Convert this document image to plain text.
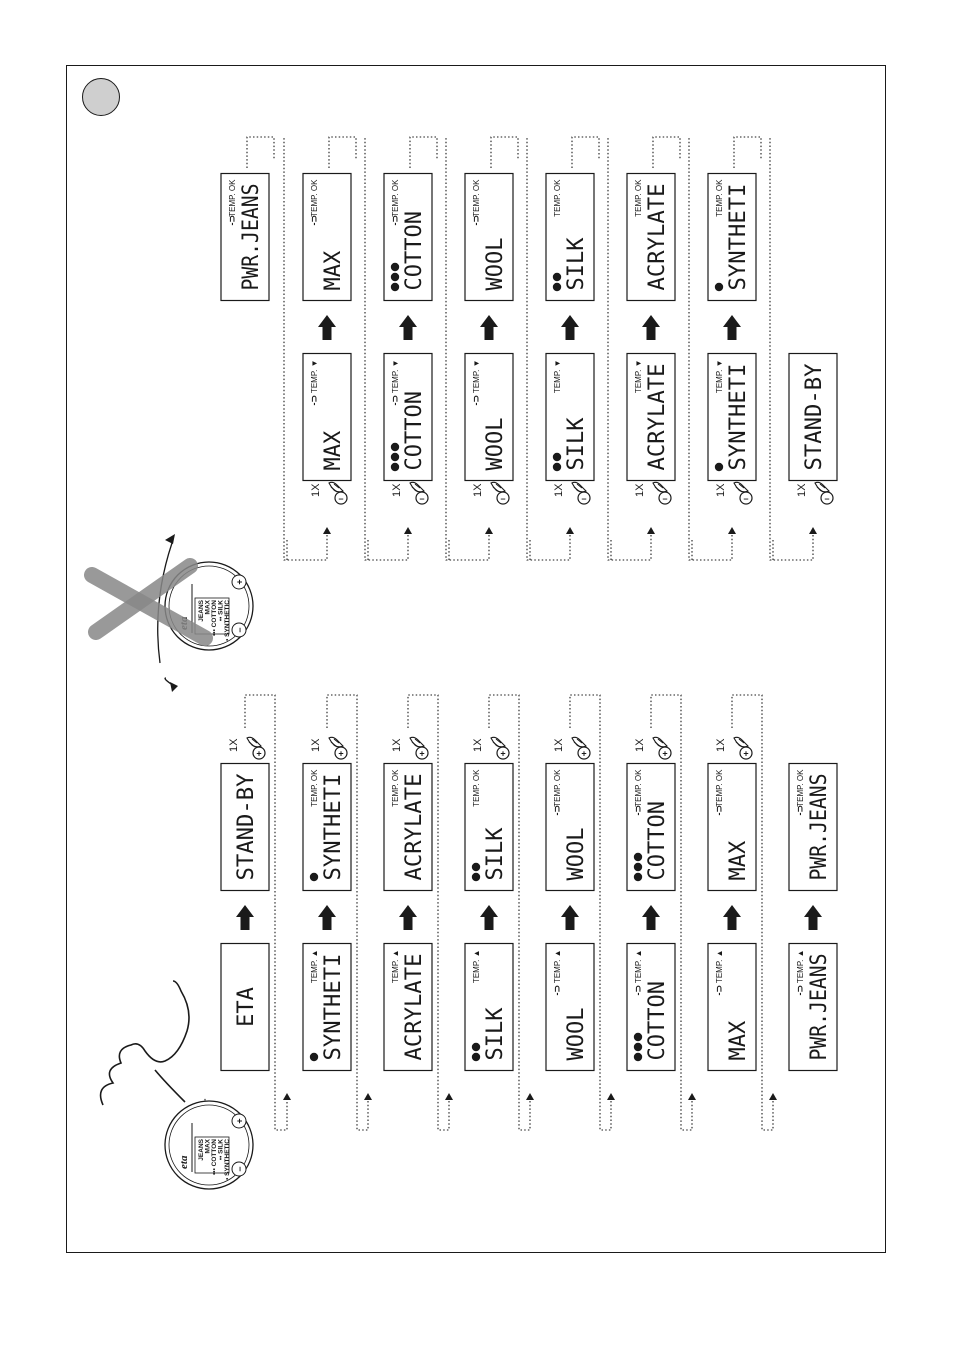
ETA
STAND-BY
1X
+
SYNTHETI
TEMP. ▲
SYNTHETI
TEMP. OK
1X
+
ACRYLATE
TEMP. ▲
ACRYLATE
TEMP. OK
1X
+
SILK
TEMP. ▲
SILK
TEMP. OK
1X
+
WOOL
-⊃
TEMP. ▲
WOOL
-⊃
TEMP. OK
1X
+
COTTON
-⊃
TEMP. ▲
COTTON
-⊃
TEMP. OK
1X
+
MAX
-⊃
TEMP. ▲
MAX
-⊃
TEMP. OK
1X
+
PWR.JEANS
-⊃
TEMP. ▲
PWR.JEANS
-⊃
TEMP. OK
PWR.JEANS
-⊃
TEMP. OK
MAX
-⊃
TEMP. OK
MAX
-⊃
TEMP. ▼
1X
–
COTTON
-⊃
TEMP. OK
COTTON
-⊃
TEMP. ▼
1X
–
WOOL
-⊃
TEMP. OK
WOOL
-⊃
TEMP. ▼
1X
–
SILK
TEMP. OK
SILK
TEMP. ▼
1X
–
ACRYLATE
TEMP. OK
ACRYLATE
TEMP. ▼
1X
–
SYNTHETI
TEMP. OK
SYNTHETI
TEMP. ▼
1X
–
STAND-BY
1X
–
eta
JEANS MAX ••• COTTON •• SILK • SYNTHETIC
+
–
JEANS MAX ••• COTTON •• SILK • SYNTHETIC
+
–
